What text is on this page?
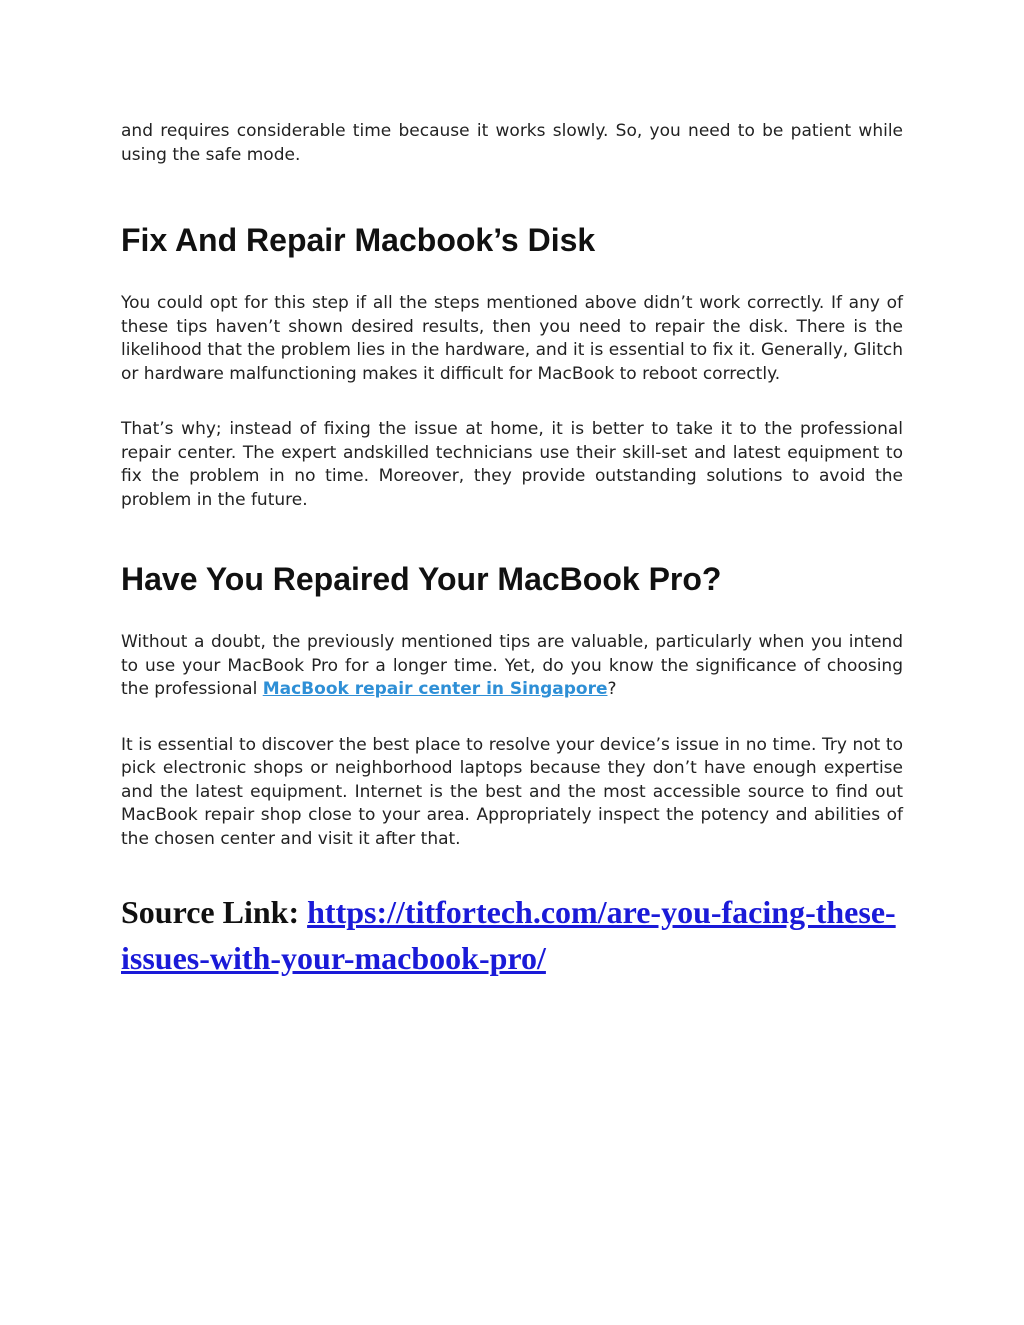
and requires considerable time because it works slowly. So, you need to be patient while using the safe mode.

Fix And Repair Macbook’s Disk

You could opt for this step if all the steps mentioned above didn’t work correctly. If any of these tips haven’t shown desired results, then you need to repair the disk. There is the likelihood that the problem lies in the hardware, and it is essential to fix it. Generally, Glitch or hardware malfunctioning makes it difficult for MacBook to reboot correctly.

That’s why; instead of fixing the issue at home, it is better to take it to the professional repair center. The expert andskilled technicians use their skill-set and latest equipment to fix the problem in no time. Moreover, they provide outstanding solutions to avoid the problem in the future.

Have You Repaired Your MacBook Pro?

Without a doubt, the previously mentioned tips are valuable, particularly when you intend to use your MacBook Pro for a longer time. Yet, do you know the significance of choosing the professional MacBook repair center in Singapore?

It is essential to discover the best place to resolve your device’s issue in no time. Try not to pick electronic shops or neighborhood laptops because they don’t have enough expertise and the latest equipment. Internet is the best and the most accessible source to find out MacBook repair shop close to your area. Appropriately inspect the potency and abilities of the chosen center and visit it after that.

Source Link: https://titfortech.com/are-you-facing-these-issues-with-your-macbook-pro/
